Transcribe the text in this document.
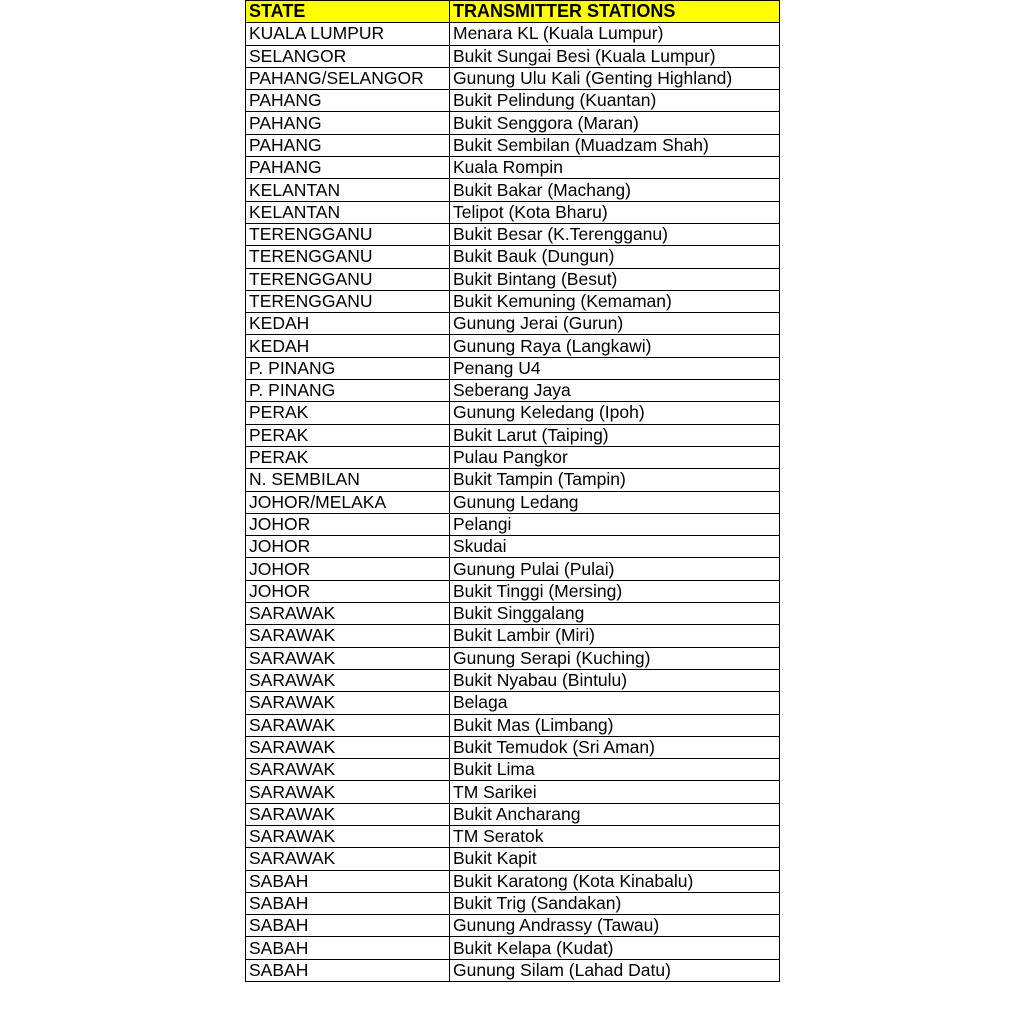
STATE	TRANSMITTER STATIONS
KUALA LUMPUR	Menara KL (Kuala Lumpur)
SELANGOR	Bukit Sungai Besi (Kuala Lumpur)
PAHANG/SELANGOR	Gunung Ulu Kali (Genting Highland)
PAHANG	Bukit Pelindung (Kuantan)
PAHANG	Bukit Senggora (Maran)
PAHANG	Bukit Sembilan (Muadzam Shah)
PAHANG	Kuala Rompin
KELANTAN	Bukit Bakar (Machang)
KELANTAN	Telipot (Kota Bharu)
TERENGGANU	Bukit Besar (K.Terengganu)
TERENGGANU	Bukit Bauk (Dungun)
TERENGGANU	Bukit Bintang (Besut)
TERENGGANU	Bukit Kemuning (Kemaman)
KEDAH	Gunung Jerai (Gurun)
KEDAH	Gunung Raya (Langkawi)
P. PINANG	Penang U4
P. PINANG	Seberang Jaya
PERAK	Gunung Keledang (Ipoh)
PERAK	Bukit Larut (Taiping)
PERAK	Pulau Pangkor
N. SEMBILAN	Bukit Tampin (Tampin)
JOHOR/MELAKA	Gunung Ledang
JOHOR	Pelangi
JOHOR	Skudai
JOHOR	Gunung Pulai (Pulai)
JOHOR	Bukit Tinggi (Mersing)
SARAWAK	Bukit Singgalang
SARAWAK	Bukit Lambir (Miri)
SARAWAK	Gunung Serapi (Kuching)
SARAWAK	Bukit Nyabau (Bintulu)
SARAWAK	Belaga
SARAWAK	Bukit Mas (Limbang)
SARAWAK	Bukit Temudok (Sri Aman)
SARAWAK	Bukit Lima
SARAWAK	TM Sarikei
SARAWAK	Bukit Ancharang
SARAWAK	TM Seratok
SARAWAK	Bukit Kapit
SABAH	Bukit Karatong (Kota Kinabalu)
SABAH	Bukit Trig (Sandakan)
SABAH	Gunung Andrassy (Tawau)
SABAH	Bukit Kelapa (Kudat)
SABAH	Gunung Silam (Lahad Datu)
